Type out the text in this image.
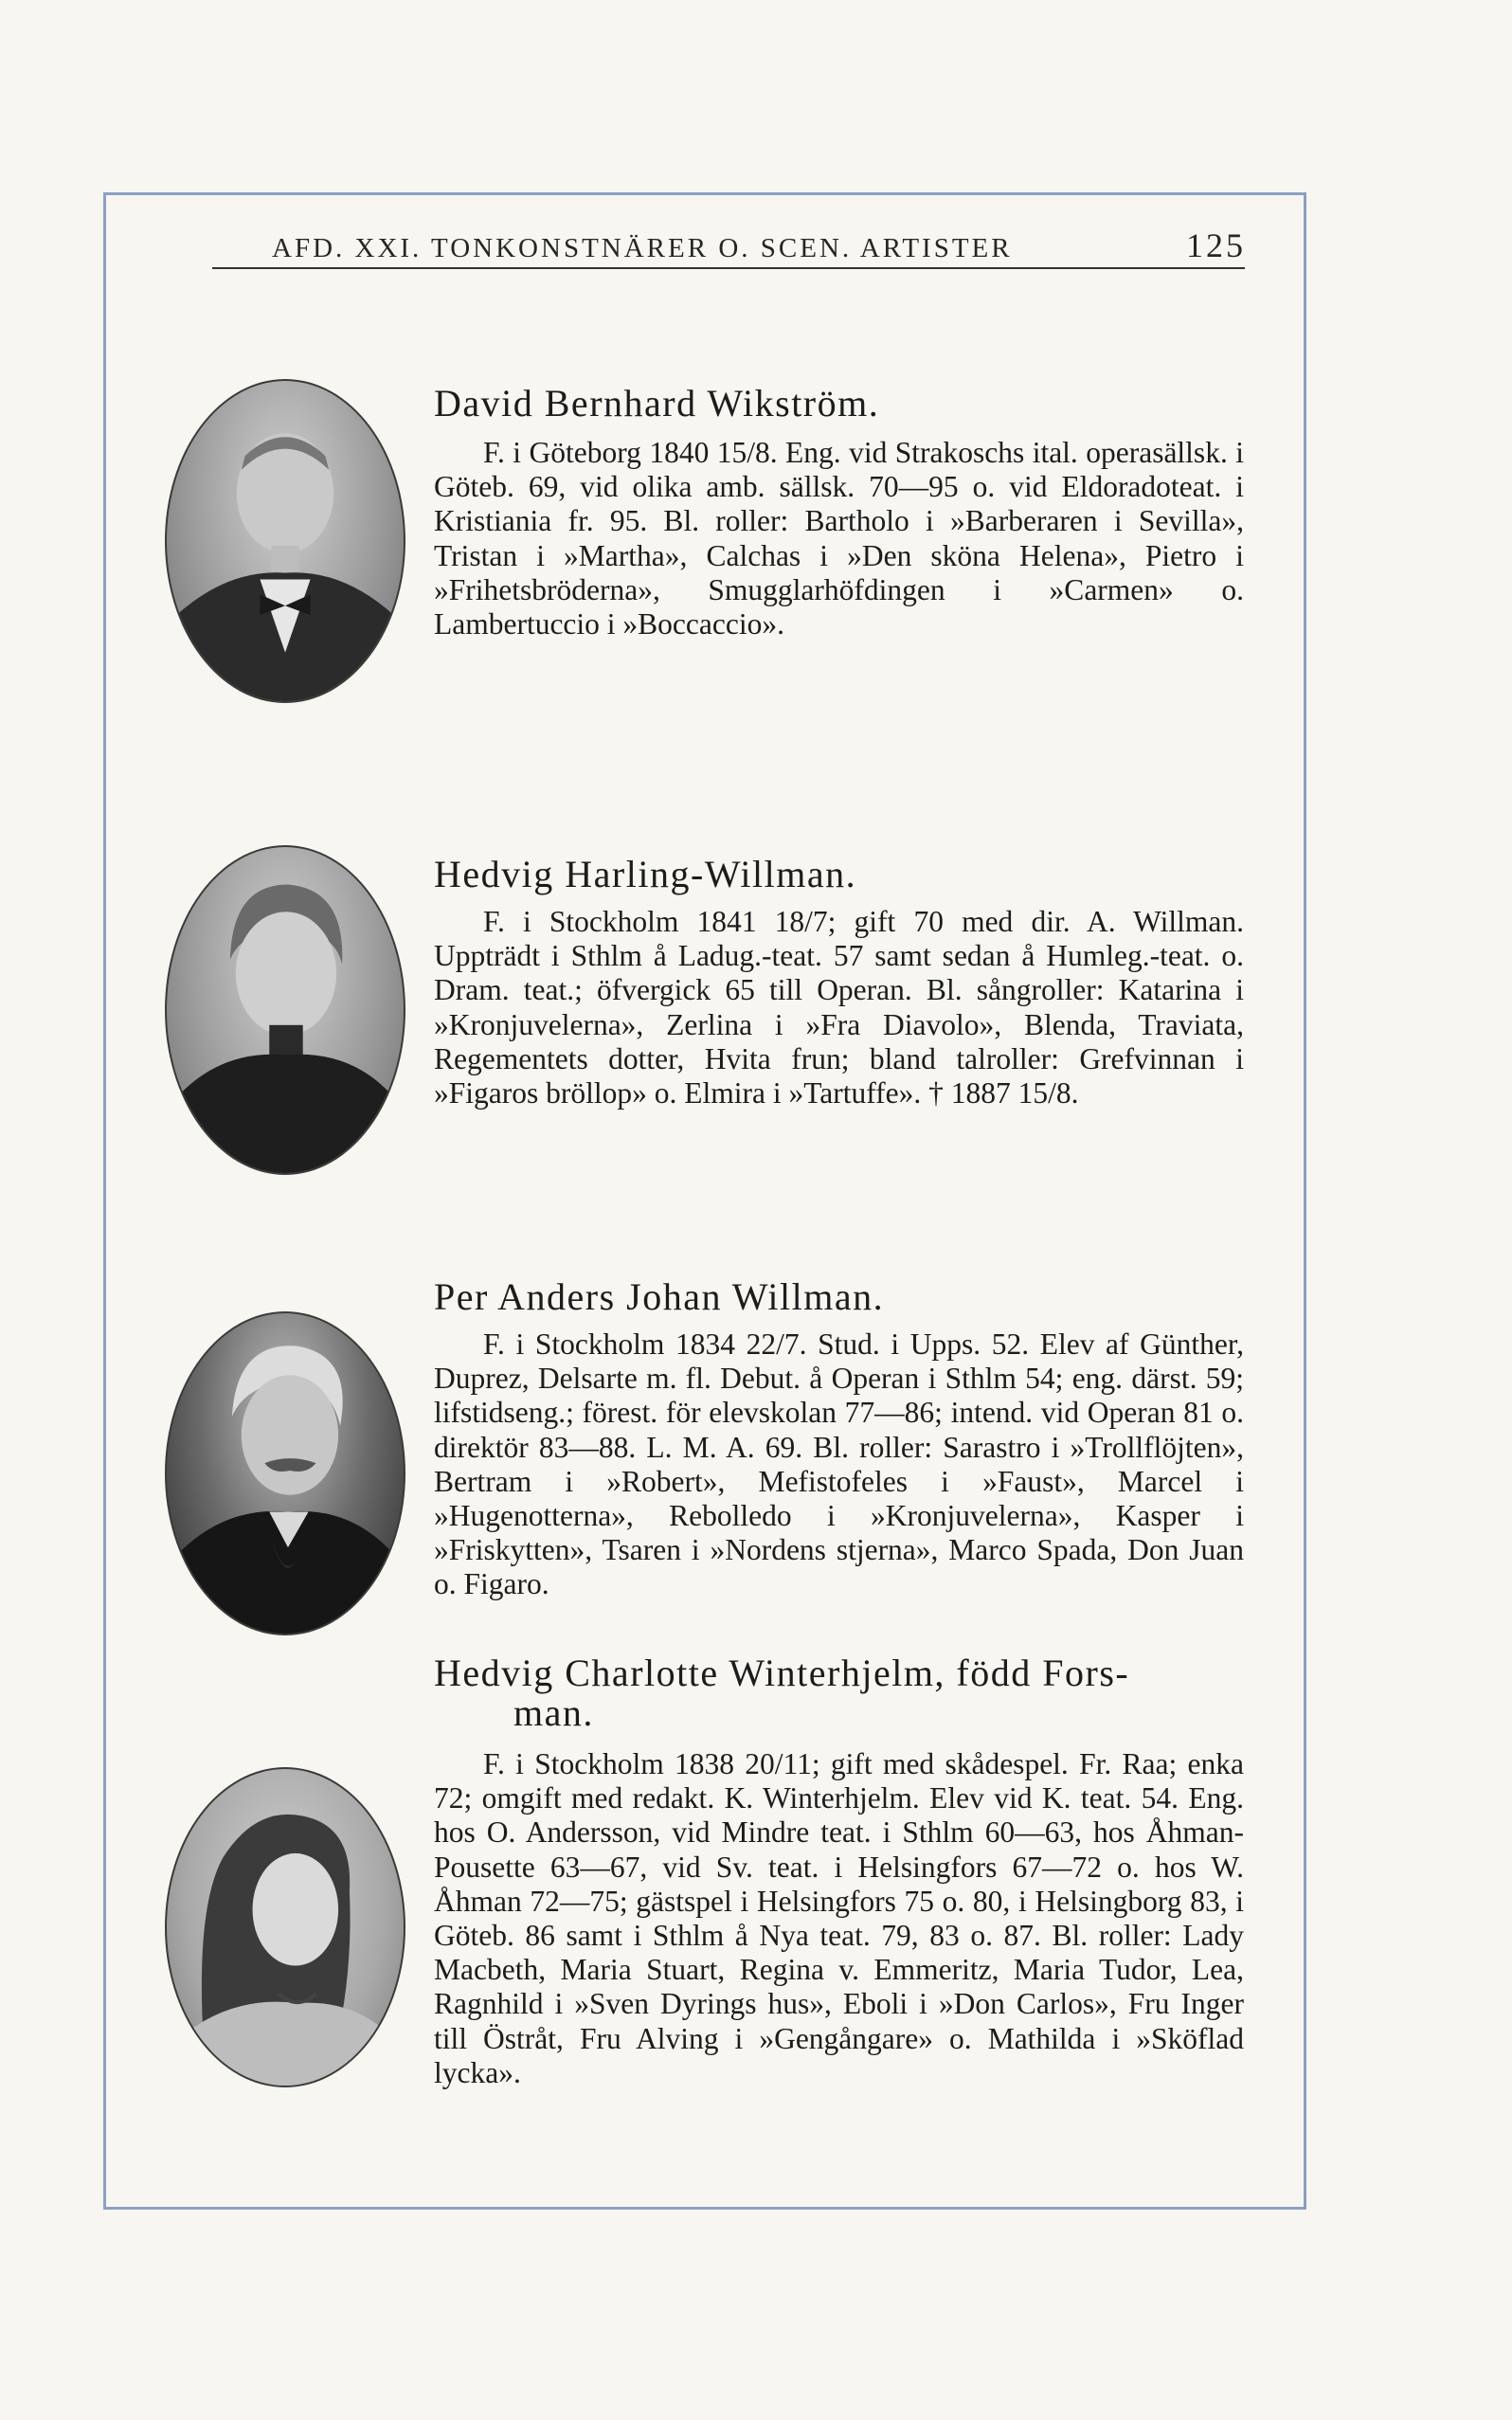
AFD. XXI. TONKONSTNÄRER O. SCEN. ARTISTER	125
David Bernhard Wikström.

F. i Göteborg 1840 15/8. Eng. vid Strakoschs ital. operasällsk. i Göteb. 69, vid olika amb. sällsk. 70—95 o. vid Eldoradoteat. i Kristiania fr. 95. Bl. roller: Bartholo i »Barberaren i Sevilla», Tristan i »Martha», Calchas i »Den sköna Helena», Pietro i »Frihetsbröderna», Smugglarhöfdingen i »Carmen» o. Lambertuccio i »Boccaccio».

Hedvig Harling-Willman.

F. i Stockholm 1841 18/7; gift 70 med dir. A. Willman. Uppträdt i Sthlm å Ladug.-teat. 57 samt sedan å Humleg.-teat. o. Dram. teat.; öfvergick 65 till Operan. Bl. sångroller: Katarina i »Kronjuvelerna», Zerlina i »Fra Diavolo», Blenda, Traviata, Regementets dotter, Hvita frun; bland talroller: Grefvinnan i »Figaros bröllop» o. Elmira i »Tartuffe». † 1887 15/8.

Per Anders Johan Willman.

F. i Stockholm 1834 22/7. Stud. i Upps. 52. Elev af Günther, Duprez, Delsarte m. fl. Debut. å Operan i Sthlm 54; eng. därst. 59; lifstidseng.; förest. för elevskolan 77—86; intend. vid Operan 81 o. direktör 83—88. L. M. A. 69. Bl. roller: Sarastro i »Trollflöjten», Bertram i »Robert», Mefistofeles i »Faust», Marcel i »Hugenotterna», Rebolledo i »Kronjuvelerna», Kasper i »Friskytten», Tsaren i »Nordens stjerna», Marco Spada, Don Juan o. Figaro.

Hedvig Charlotte Winterhjelm, född Fors-
man.

F. i Stockholm 1838 20/11; gift med skådespel. Fr. Raa; enka 72; omgift med redakt. K. Winterhjelm. Elev vid K. teat. 54. Eng. hos O. Andersson, vid Mindre teat. i Sthlm 60—63, hos Åhman-Pousette 63—67, vid Sv. teat. i Helsingfors 67—72 o. hos W. Åhman 72—75; gästspel i Helsingfors 75 o. 80, i Helsingborg 83, i Göteb. 86 samt i Sthlm å Nya teat. 79, 83 o. 87. Bl. roller: Lady Macbeth, Maria Stuart, Regina v. Emmeritz, Maria Tudor, Lea, Ragnhild i »Sven Dyrings hus», Eboli i »Don Carlos», Fru Inger till Östråt, Fru Alving i »Gengångare» o. Mathilda i »Sköflad lycka».
